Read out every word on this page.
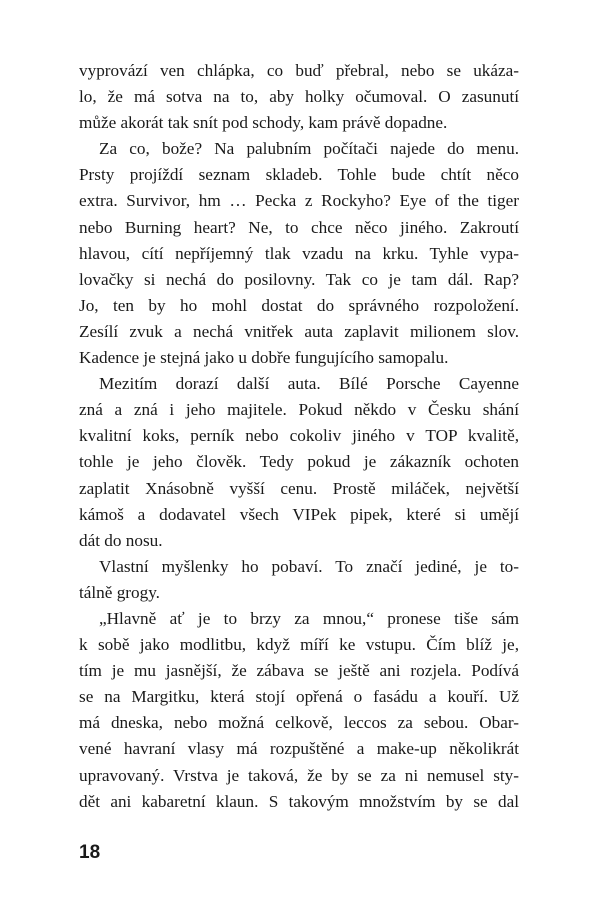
vyprovází ven chlápka, co buď přebral, nebo se ukáza-
lo, že má sotva na to, aby holky očumoval. O zasunutí
může akorát tak snít pod schody, kam právě dopadne.
Za co, bože? Na palubním počítači najede do menu.
Prsty projíždí seznam skladeb. Tohle bude chtít něco
extra. Survivor, hm … Pecka z Rockyho? Eye of the tiger
nebo Burning heart? Ne, to chce něco jiného. Zakroutí
hlavou, cítí nepříjemný tlak vzadu na krku. Tyhle vypa-
lovačky si nechá do posilovny. Tak co je tam dál. Rap?
Jo, ten by ho mohl dostat do správného rozpoložení.
Zesílí zvuk a nechá vnitřek auta zaplavit milionem slov.
Kadence je stejná jako u dobře fungujícího samopalu.
Mezitím dorazí další auta. Bílé Porsche Cayenne
zná a zná i jeho majitele. Pokud někdo v Česku shání
kvalitní koks, perník nebo cokoliv jiného v TOP kvalitě,
tohle je jeho člověk. Tedy pokud je zákazník ochoten
zaplatit Xnásobně vyšší cenu. Prostě miláček, největší
kámoš a dodavatel všech VIPek pipek, které si umějí
dát do nosu.
Vlastní myšlenky ho pobaví. To značí jediné, je to-
tálně grogy.
„Hlavně ať je to brzy za mnou,“ pronese tiše sám
k sobě jako modlitbu, když míří ke vstupu. Čím blíž je,
tím je mu jasnější, že zábava se ještě ani rozjela. Podívá
se na Margitku, která stojí opřená o fasádu a kouří. Už
má dneska, nebo možná celkově, leccos za sebou. Obar-
vené havraní vlasy má rozpuštěné a make-up několikrát
upravovaný. Vrstva je taková, že by se za ni nemusel sty-
dět ani kabaretní klaun. S takovým množstvím by se dal
18
